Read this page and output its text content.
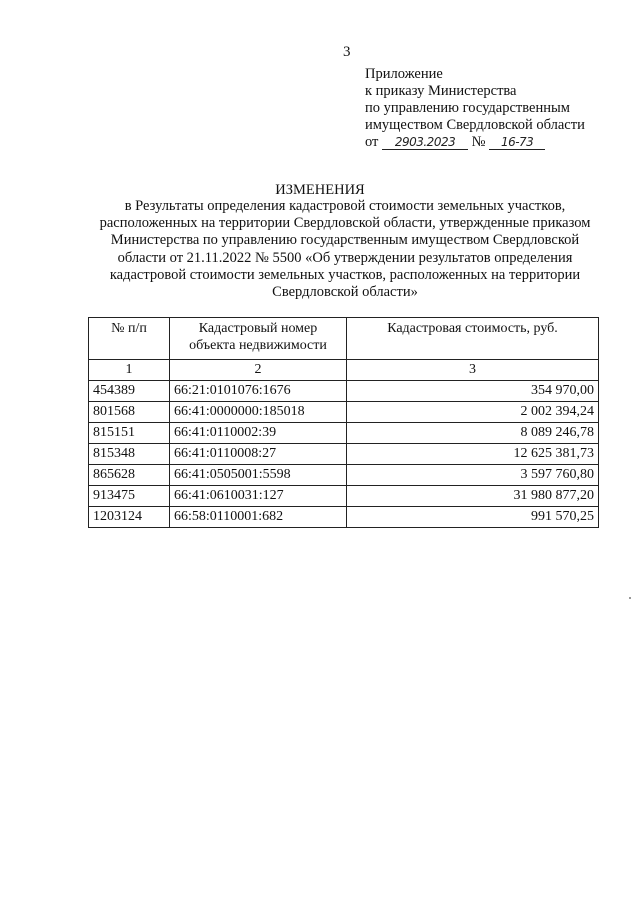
3
Приложение
к приказу Министерства
по управлению государственным
имуществом Свердловской области
от 2903.2023 № 16-73
ИЗМЕНЕНИЯ
в Результаты определения кадастровой стоимости земельных участков, расположенных на территории Свердловской области, утвержденные приказом Министерства по управлению государственным имуществом Свердловской области от 21.11.2022 № 5500 «Об утверждении результатов определения кадастровой стоимости земельных участков, расположенных на территории Свердловской области»
№ п/п	Кадастровый номер объекта недвижимости	Кадастровая стоимость, руб.
1	2	3
454389	66:21:0101076:1676	354 970,00
801568	66:41:0000000:185018	2 002 394,24
815151	66:41:0110002:39	8 089 246,78
815348	66:41:0110008:27	12 625 381,73
865628	66:41:0505001:5598	3 597 760,80
913475	66:41:0610031:127	31 980 877,20
1203124	66:58:0110001:682	991 570,25
